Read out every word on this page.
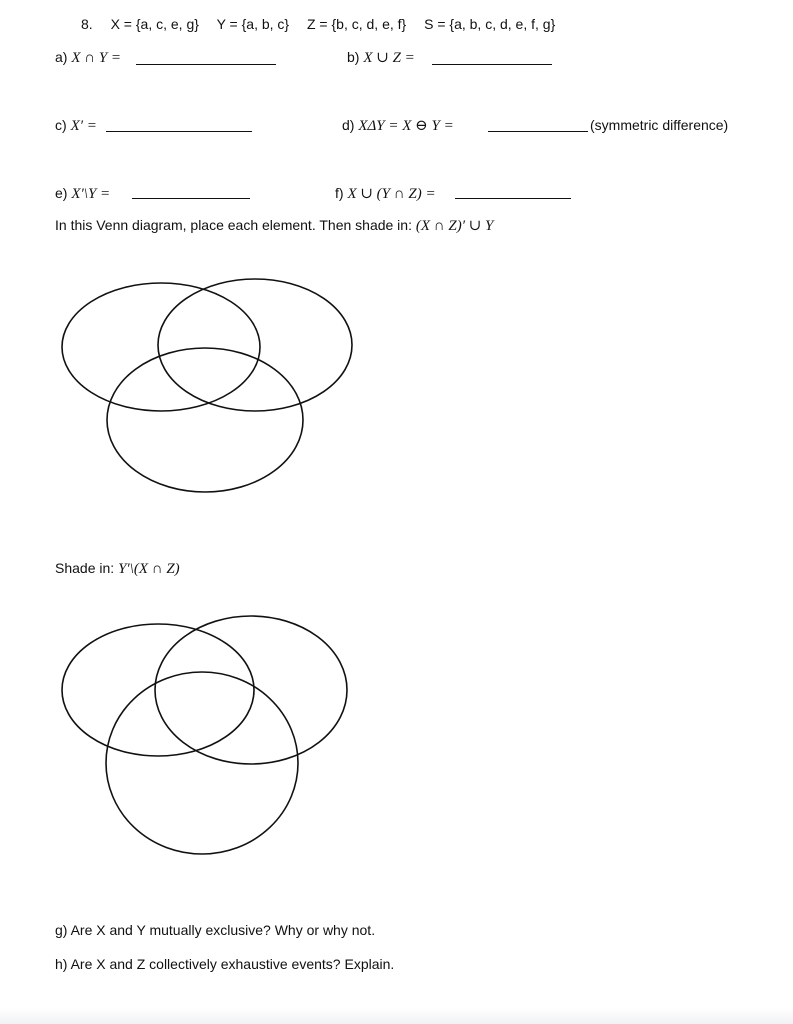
8. X = {a, c, e, g} Y = {a, b, c} Z = {b, c, d, e, f} S = {a, b, c, d, e, f, g}
a) X ∩ Y =	b) X ∪ Z =
c) X′ =	d) XΔY = X ⊖ Y =	(symmetric difference)
e) X′\Y =	f) X ∪ (Y ∩ Z) =
In this Venn diagram, place each element. Then shade in: (X ∩ Z)′ ∪ Y
Shade in: Y′\(X ∩ Z)
g) Are X and Y mutually exclusive? Why or why not.
h) Are X and Z collectively exhaustive events? Explain.
